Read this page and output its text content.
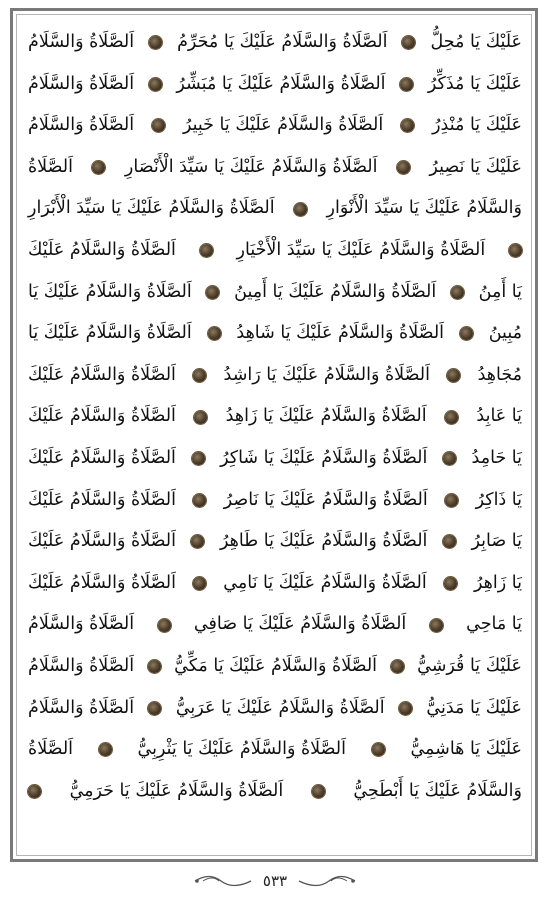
عَلَيْكَ يَا مُحِلُّ
اَلصَّلَاةُ وَالسَّلَامُ عَلَيْكَ يَا مُحَرِّمُ
اَلصَّلَاةُ وَالسَّلَامُ
عَلَيْكَ يَا مُذَكِّرُ
اَلصَّلَاةُ وَالسَّلَامُ عَلَيْكَ يَا مُبَشِّرُ
اَلصَّلَاةُ وَالسَّلَامُ
عَلَيْكَ يَا مُنْذِرُ
اَلصَّلَاةُ وَالسَّلَامُ عَلَيْكَ يَا خَبِيرُ
اَلصَّلَاةُ وَالسَّلَامُ
عَلَيْكَ يَا نَصِيرُ
اَلصَّلَاةُ وَالسَّلَامُ عَلَيْكَ يَا سَيِّدَ الْأَنْصَارِ
اَلصَّلَاةُ
وَالسَّلَامُ عَلَيْكَ يَا سَيِّدَ الْأَنْوَارِ
اَلصَّلَاةُ وَالسَّلَامُ عَلَيْكَ يَا سَيِّدَ الْأَبْرَارِ
اَلصَّلَاةُ وَالسَّلَامُ عَلَيْكَ يَا سَيِّدَ الْأَخْيَارِ
اَلصَّلَاةُ وَالسَّلَامُ عَلَيْكَ
يَا أَمِنُ
اَلصَّلَاةُ وَالسَّلَامُ عَلَيْكَ يَا أَمِينُ
اَلصَّلَاةُ وَالسَّلَامُ عَلَيْكَ يَا
مُبِينُ
اَلصَّلَاةُ وَالسَّلَامُ عَلَيْكَ يَا شَاهِدُ
اَلصَّلَاةُ وَالسَّلَامُ عَلَيْكَ يَا
مُجَاهِدُ
اَلصَّلَاةُ وَالسَّلَامُ عَلَيْكَ يَا رَاشِدُ
اَلصَّلَاةُ وَالسَّلَامُ عَلَيْكَ
يَا عَابِدُ
اَلصَّلَاةُ وَالسَّلَامُ عَلَيْكَ يَا زَاهِدُ
اَلصَّلَاةُ وَالسَّلَامُ عَلَيْكَ
يَا حَامِدُ
اَلصَّلَاةُ وَالسَّلَامُ عَلَيْكَ يَا شَاكِرُ
اَلصَّلَاةُ وَالسَّلَامُ عَلَيْكَ
يَا ذَاكِرُ
اَلصَّلَاةُ وَالسَّلَامُ عَلَيْكَ يَا نَاصِرُ
اَلصَّلَاةُ وَالسَّلَامُ عَلَيْكَ
يَا صَابِرُ
اَلصَّلَاةُ وَالسَّلَامُ عَلَيْكَ يَا طَاهِرُ
اَلصَّلَاةُ وَالسَّلَامُ عَلَيْكَ
يَا زَاهِرُ
اَلصَّلَاةُ وَالسَّلَامُ عَلَيْكَ يَا نَامِي
اَلصَّلَاةُ وَالسَّلَامُ عَلَيْكَ
يَا مَاحِي
اَلصَّلَاةُ وَالسَّلَامُ عَلَيْكَ يَا صَافِي
اَلصَّلَاةُ وَالسَّلَامُ
عَلَيْكَ يَا قُرَشِيُّ
اَلصَّلَاةُ وَالسَّلَامُ عَلَيْكَ يَا مَكِّيُّ
اَلصَّلَاةُ وَالسَّلَامُ
عَلَيْكَ يَا مَدَنِيُّ
اَلصَّلَاةُ وَالسَّلَامُ عَلَيْكَ يَا عَرَبِيُّ
اَلصَّلَاةُ وَالسَّلَامُ
عَلَيْكَ يَا هَاشِمِيُّ
اَلصَّلَاةُ وَالسَّلَامُ عَلَيْكَ يَا يَثْرِبِيُّ
اَلصَّلَاةُ
وَالسَّلَامُ عَلَيْكَ يَا أَبْطَحِيُّ
اَلصَّلَاةُ وَالسَّلَامُ عَلَيْكَ يَا حَرَمِيُّ
٥٣٣
